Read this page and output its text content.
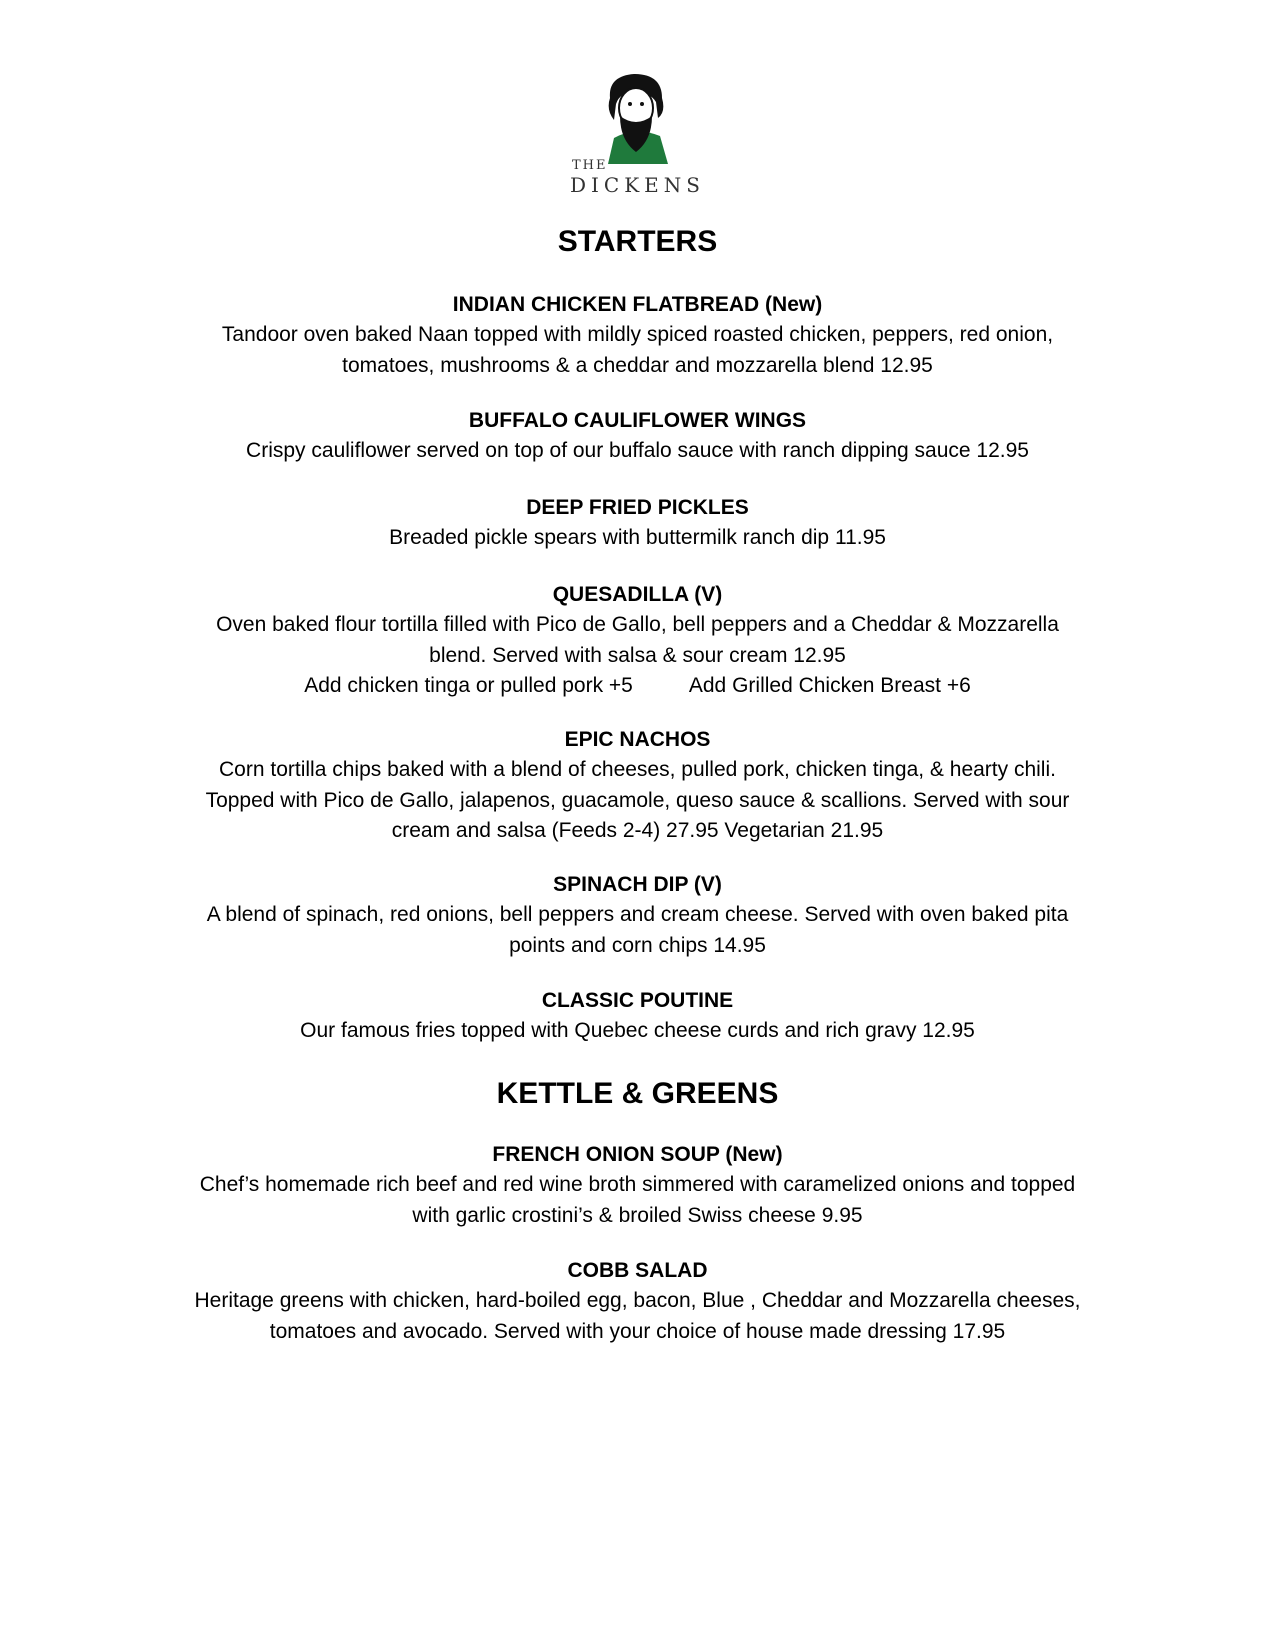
THE
DICKENS
STARTERS
INDIAN CHICKEN FLATBREAD (New)
Tandoor oven baked Naan topped with mildly spiced roasted chicken, peppers, red onion,
tomatoes, mushrooms & a cheddar and mozzarella blend 12.95
BUFFALO CAULIFLOWER WINGS
Crispy cauliflower served on top of our buffalo sauce with ranch dipping sauce 12.95
DEEP FRIED PICKLES
Breaded pickle spears with buttermilk ranch dip 11.95
QUESADILLA (V)
Oven baked flour tortilla filled with Pico de Gallo, bell peppers and a Cheddar & Mozzarella
blend. Served with salsa & sour cream 12.95
Add chicken tinga or pulled pork +5	Add Grilled Chicken Breast +6
EPIC NACHOS
Corn tortilla chips baked with a blend of cheeses, pulled pork, chicken tinga, & hearty chili.
Topped with Pico de Gallo, jalapenos, guacamole, queso sauce & scallions. Served with sour
cream and salsa (Feeds 2-4) 27.95 Vegetarian 21.95
SPINACH DIP (V)
A blend of spinach, red onions, bell peppers and cream cheese. Served with oven baked pita
points and corn chips 14.95
CLASSIC POUTINE
Our famous fries topped with Quebec cheese curds and rich gravy 12.95
KETTLE & GREENS
FRENCH ONION SOUP (New)
Chef’s homemade rich beef and red wine broth simmered with caramelized onions and topped
with garlic crostini’s & broiled Swiss cheese 9.95
COBB SALAD
Heritage greens with chicken, hard-boiled egg, bacon, Blue , Cheddar and Mozzarella cheeses,
tomatoes and avocado. Served with your choice of house made dressing 17.95
